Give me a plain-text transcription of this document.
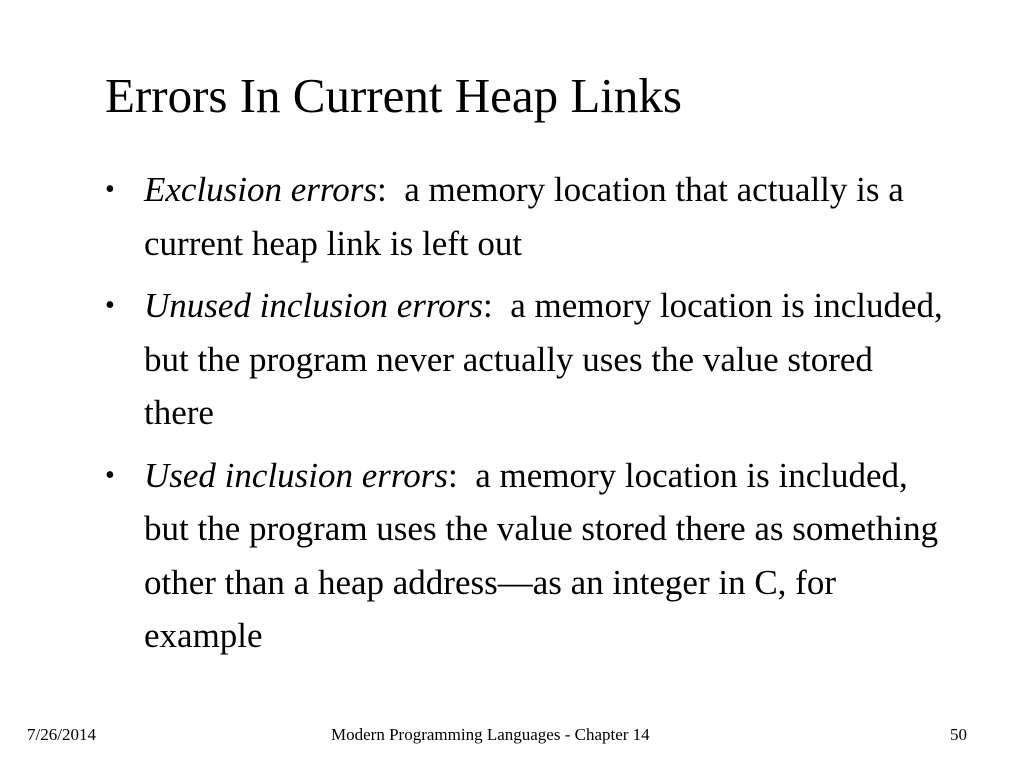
Errors In Current Heap Links
• Exclusion errors:  a memory location that actually is a current heap link is left out
• Unused inclusion errors:  a memory location is included, but the program never actually uses the value stored there
• Used inclusion errors:  a memory location is included, but the program uses the value stored there as something other than a heap address—as an integer in C, for example
7/26/2014	Modern Programming Languages - Chapter 14	50
